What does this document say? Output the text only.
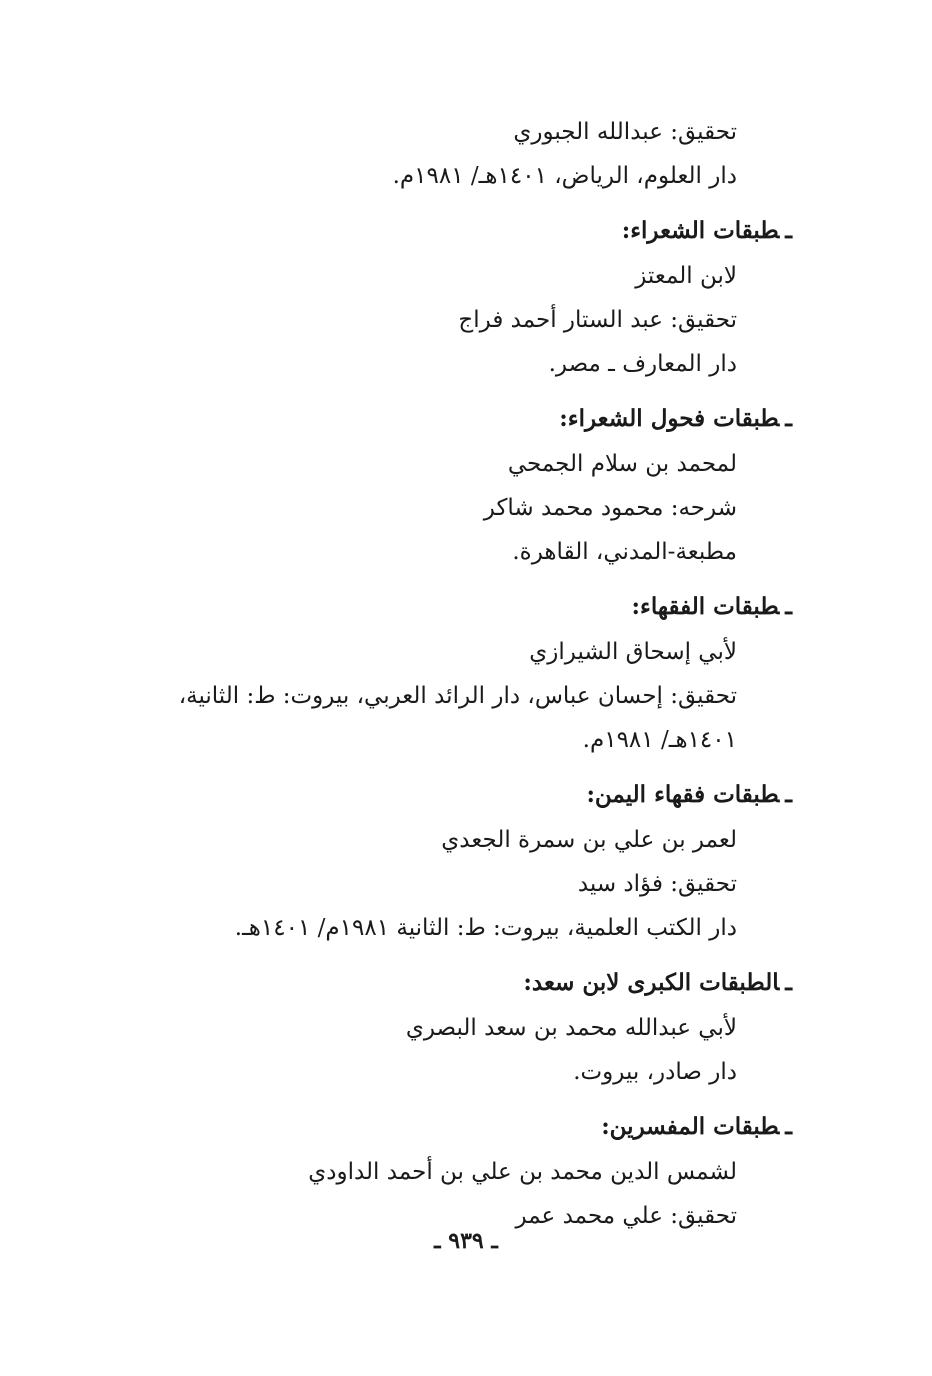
تحقيق: عبدالله الجبوري
دار العلوم، الرياض، ١٤٠١هـ/ ١٩٨١م.
ـطبقات الشعراء:
لابن المعتز
تحقيق: عبد الستار أحمد فراج
دار المعارف ـ مصر.
ـطبقات فحول الشعراء:
لمحمد بن سلام الجمحي
شرحه: محمود محمد شاكر
مطبعة-المدني، القاهرة.
ـطبقات الفقهاء:
لأبي إسحاق الشيرازي
تحقيق: إحسان عباس، دار الرائد العربي، بيروت: ط: الثانية، ١٤٠١هـ/ ١٩٨١م.
ـطبقات فقهاء اليمن:
لعمر بن علي بن سمرة الجعدي
تحقيق: فؤاد سيد
دار الكتب العلمية، بيروت: ط: الثانية ١٩٨١م/ ١٤٠١هـ.
ـالطبقات الكبرى لابن سعد:
لأبي عبدالله محمد بن سعد البصري
دار صادر، بيروت.
ـطبقات المفسرين:
لشمس الدين محمد بن علي بن أحمد الداودي
تحقيق: علي محمد عمر
ـ ٩٣٩ ـ
